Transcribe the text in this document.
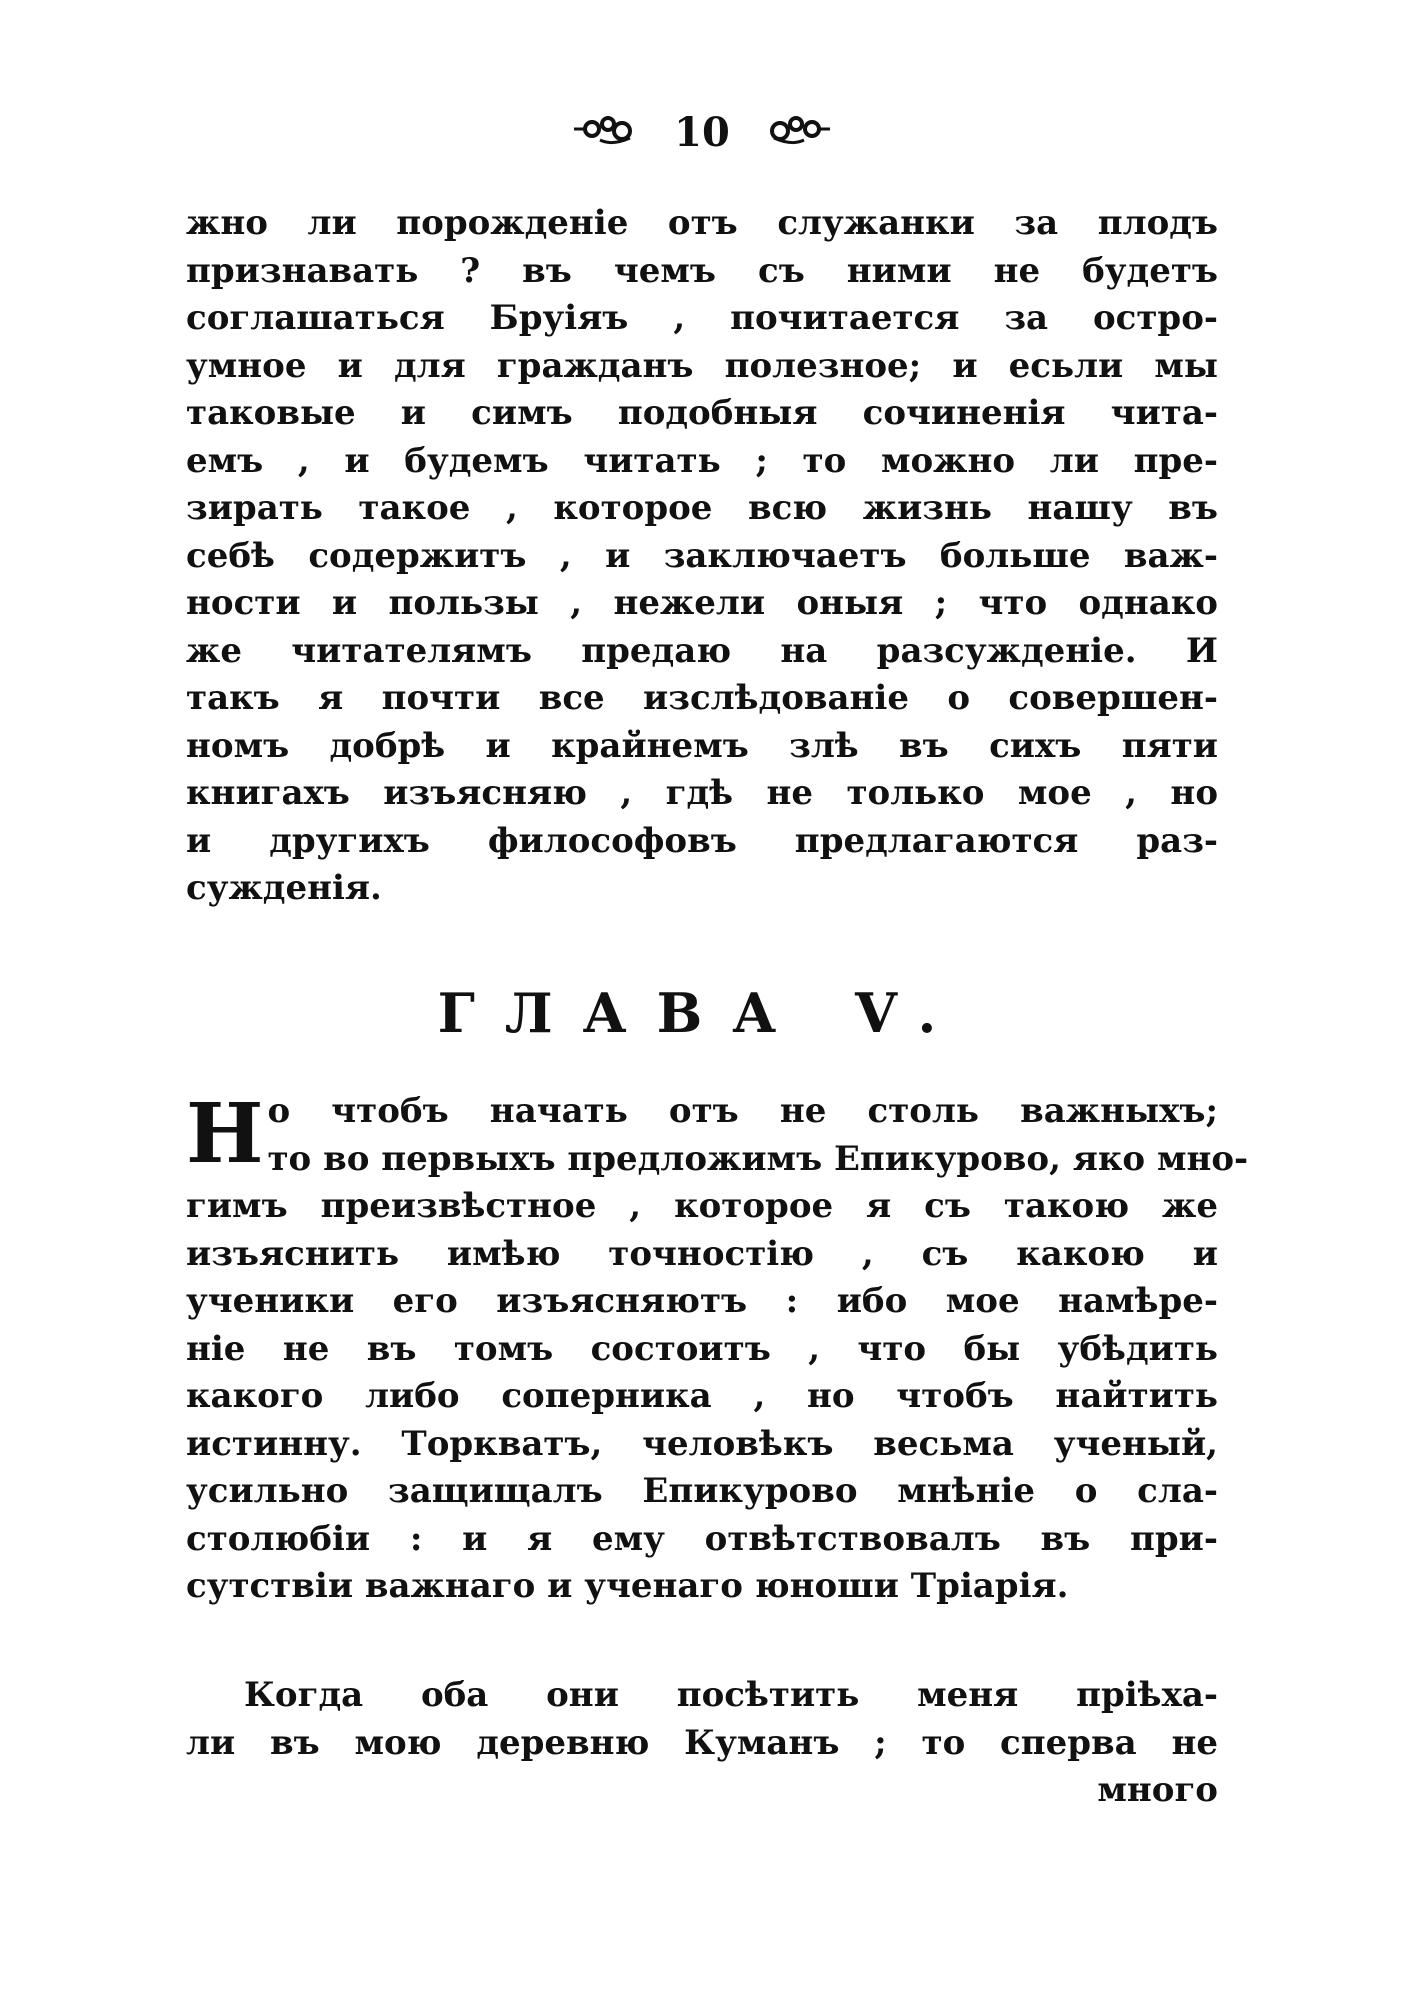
10
жно ли порожденіе отъ служанки за плодъ
признавать ? въ чемъ съ ними не будетъ
соглашаться Бруіяъ , почитается за остро-
умное и для гражданъ полезное; и есьли мы
таковые и симъ подобныя сочиненія чита-
емъ , и будемъ читать ; то можно ли пре-
зирать такое , которое всю жизнь нашу въ
себѣ содержитъ , и заключаетъ больше важ-
ности и пользы , нежели оныя ; что однако
же читателямъ предаю на разсужденіе. И
такъ я почти все изслѣдованіе о совершен-
номъ добрѣ и крайнемъ злѣ въ сихъ пяти
книгахъ изъясняю , гдѣ не только мое , но
и другихъ философовъ предлагаются раз-
сужденія.
ГЛАВА V.
Н о чтобъ начать отъ не столь важныхъ;
то во первыхъ предложимъ Епикурово, яко мно-
гимъ преизвѣстное , которое я съ такою же
изъяснить имѣю точностію , съ какою и
ученики его изъясняютъ : ибо мое намѣре-
ніе не въ томъ состоитъ , что бы убѣдить
какого либо соперника , но чтобъ найтить
истинну. Торкватъ, человѣкъ весьма ученый,
усильно защищалъ Епикурово мнѣніе о сла-
столюбіи : и я ему отвѣтствовалъ въ при-
сутствіи важнаго и ученаго юноши Тріарія.
Когда оба они посѣтить меня пріѣха-
ли въ мою деревню Куманъ ; то сперва не
много
